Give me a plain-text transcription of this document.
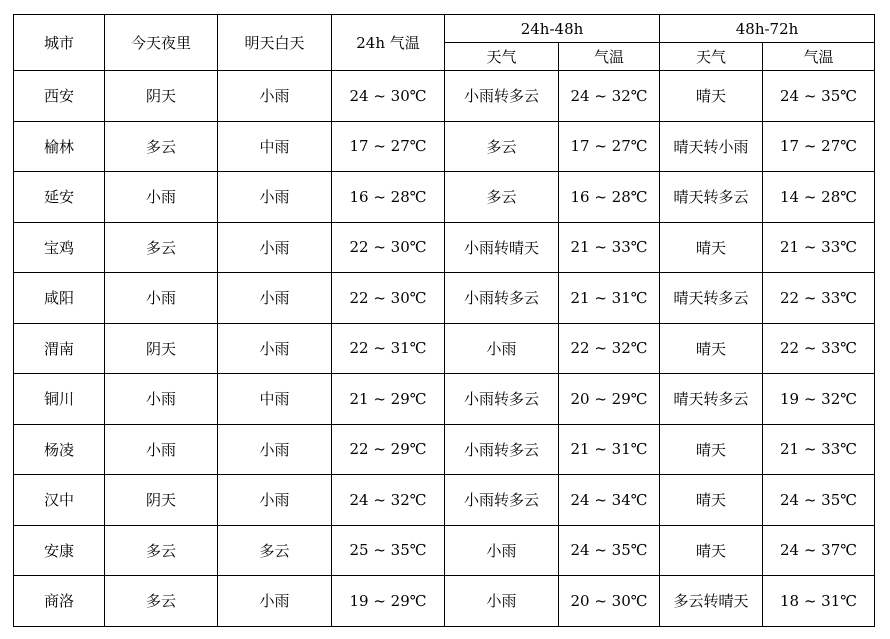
城市	今天夜里	明天白天	24h 气温	24h-48h		48h-72h	
				天气	气温	天气	气温
西安	阴天	小雨	24 ~ 30℃	小雨转多云	24 ~ 32℃	晴天	24 ~ 35℃
榆林	多云	中雨	17 ~ 27℃	多云	17 ~ 27℃	晴天转小雨	17 ~ 27℃
延安	小雨	小雨	16 ~ 28℃	多云	16 ~ 28℃	晴天转多云	14 ~ 28℃
宝鸡	多云	小雨	22 ~ 30℃	小雨转晴天	21 ~ 33℃	晴天	21 ~ 33℃
咸阳	小雨	小雨	22 ~ 30℃	小雨转多云	21 ~ 31℃	晴天转多云	22 ~ 33℃
渭南	阴天	小雨	22 ~ 31℃	小雨	22 ~ 32℃	晴天	22 ~ 33℃
铜川	小雨	中雨	21 ~ 29℃	小雨转多云	20 ~ 29℃	晴天转多云	19 ~ 32℃
杨凌	小雨	小雨	22 ~ 29℃	小雨转多云	21 ~ 31℃	晴天	21 ~ 33℃
汉中	阴天	小雨	24 ~ 32℃	小雨转多云	24 ~ 34℃	晴天	24 ~ 35℃
安康	多云	多云	25 ~ 35℃	小雨	24 ~ 35℃	晴天	24 ~ 37℃
商洛	多云	小雨	19 ~ 29℃	小雨	20 ~ 30℃	多云转晴天	18 ~ 31℃
